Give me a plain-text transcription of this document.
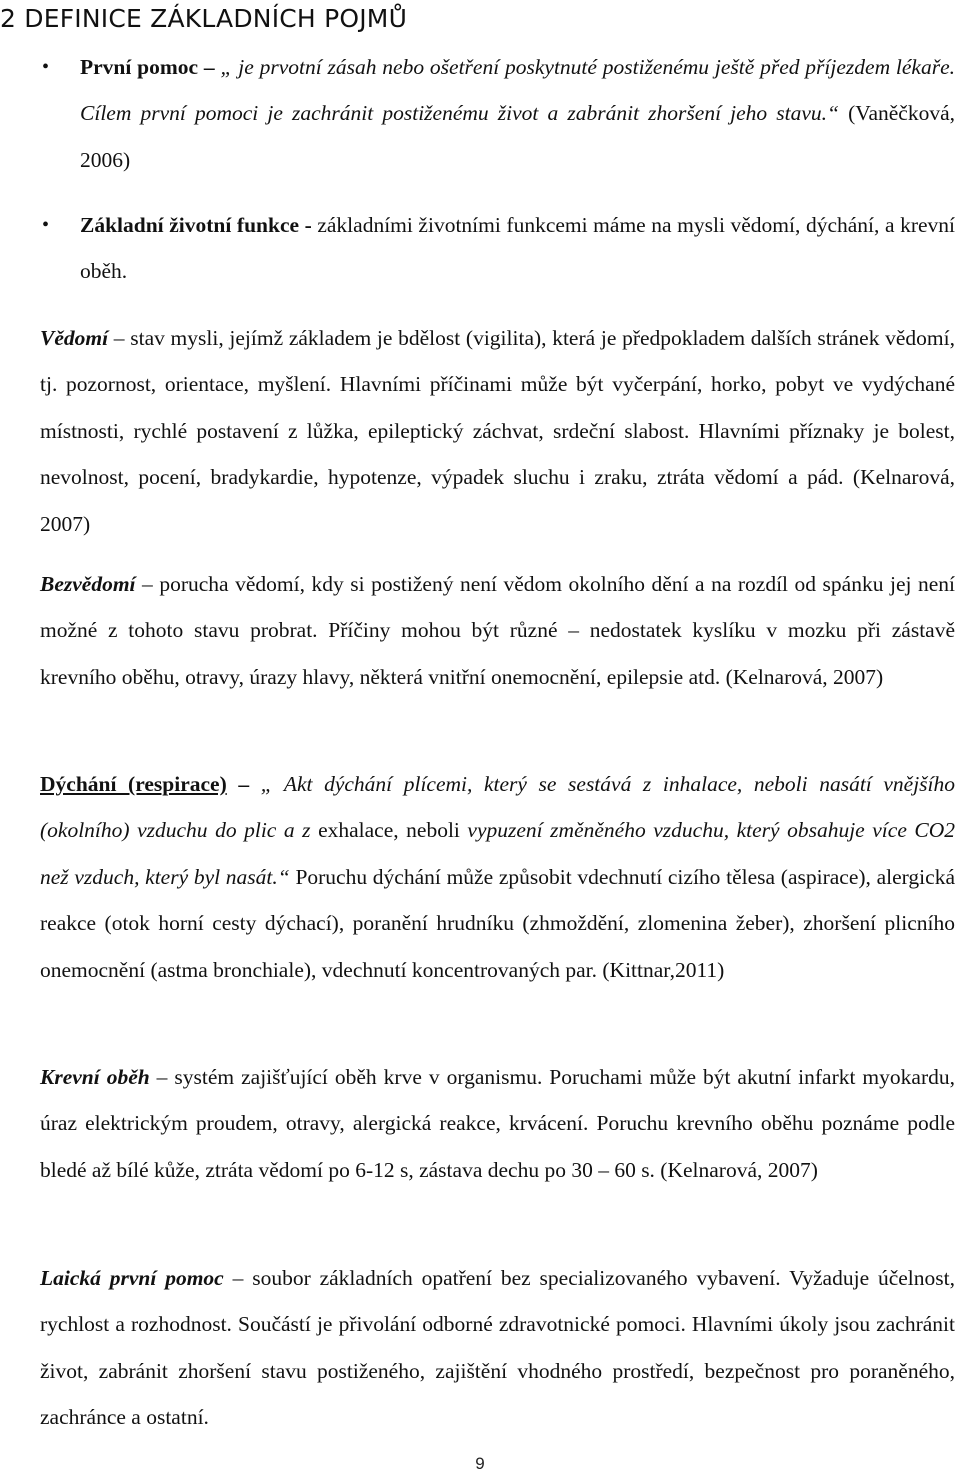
2 DEFINICE ZÁKLADNÍCH POJMŮ
• První pomoc – „ je prvotní zásah nebo ošetření poskytnuté postiženému ještě před příjezdem lékaře. Cílem první pomoci je zachránit postiženému život a zabránit zhoršení jeho stavu.“ (Vaněčková, 2006)
• Základní životní funkce - základními životními funkcemi máme na mysli vědomí, dýchání, a krevní oběh.
Vědomí – stav mysli, jejímž základem je bdělost (vigilita), která je předpokladem dalších stránek vědomí, tj. pozornost, orientace, myšlení. Hlavními příčinami může být vyčerpání, horko, pobyt ve vydýchané místnosti, rychlé postavení z lůžka, epileptický záchvat, srdeční slabost. Hlavními příznaky je bolest, nevolnost, pocení, bradykardie, hypotenze, výpadek sluchu i zraku, ztráta vědomí a pád. (Kelnarová, 2007)
Bezvědomí – porucha vědomí, kdy si postižený není vědom okolního dění a na rozdíl od spánku jej není možné z tohoto stavu probrat. Příčiny mohou být různé – nedostatek kyslíku v mozku při zástavě krevního oběhu, otravy, úrazy hlavy, některá vnitřní onemocnění, epilepsie atd. (Kelnarová, 2007)
Dýchání (respirace) – „ Akt dýchání plícemi, který se sestává z inhalace, neboli nasátí vnějšího (okolního) vzduchu do plic a z exhalace, neboli vypuzení změněného vzduchu, který obsahuje více CO2 než vzduch, který byl nasát.“ Poruchu dýchání může způsobit vdechnutí cizího tělesa (aspirace), alergická reakce (otok horní cesty dýchací), poranění hrudníku (zhmoždění, zlomenina žeber), zhoršení plicního onemocnění (astma bronchiale), vdechnutí koncentrovaných par. (Kittnar,2011)
Krevní oběh – systém zajišťující oběh krve v organismu. Poruchami může být akutní infarkt myokardu, úraz elektrickým proudem, otravy, alergická reakce, krvácení. Poruchu krevního oběhu poznáme podle bledé až bílé kůže, ztráta vědomí po 6-12 s, zástava dechu po 30 – 60 s. (Kelnarová, 2007)
Laická první pomoc – soubor základních opatření bez specializovaného vybavení. Vyžaduje účelnost, rychlost a rozhodnost. Součástí je přivolání odborné zdravotnické pomoci. Hlavními úkoly jsou zachránit život, zabránit zhoršení stavu postiženého, zajištění vhodného prostředí, bezpečnost pro poraněného, zachránce a ostatní.
9
